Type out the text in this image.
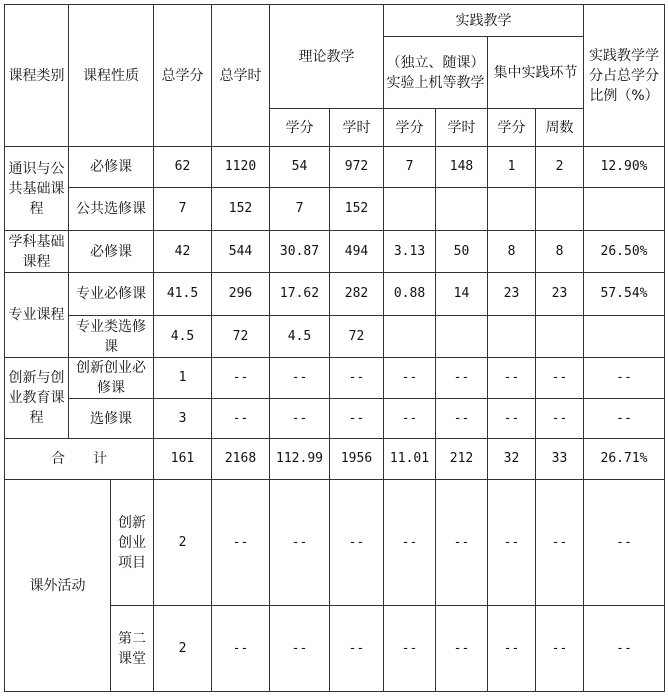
课程类别	课程性质		总学分	总学时	理论教学		实践教学				实践教学学分占总学分比例（%）
							（独立、随课）实验上机等教学		集中实践环节		
					学分	学时	学分	学时	学分	周数	
通识与公共基础课程	必修课		62	1120	54	972	7	148	1	2	12.90%
	公共选修课		7	152	7	152					
学科基础课程	必修课		42	544	30.87	494	3.13	50	8	8	26.50%
专业课程	专业必修课		41.5	296	17.62	282	0.88	14	23	23	57.54%
	专业类选修课		4.5	72	4.5	72					
创新与创业教育课程	创新创业必修课		1	--	--	--	--	--	--	--	--
	选修课		3	--	--	--	--	--	--	--	--
合　　计			161	2168	112.99	1956	11.01	212	32	33	26.71%
课外活动		创新创业项目	2	--	--	--	--	--	--	--	--
		第二课堂	2	--	--	--	--	--	--	--	--
